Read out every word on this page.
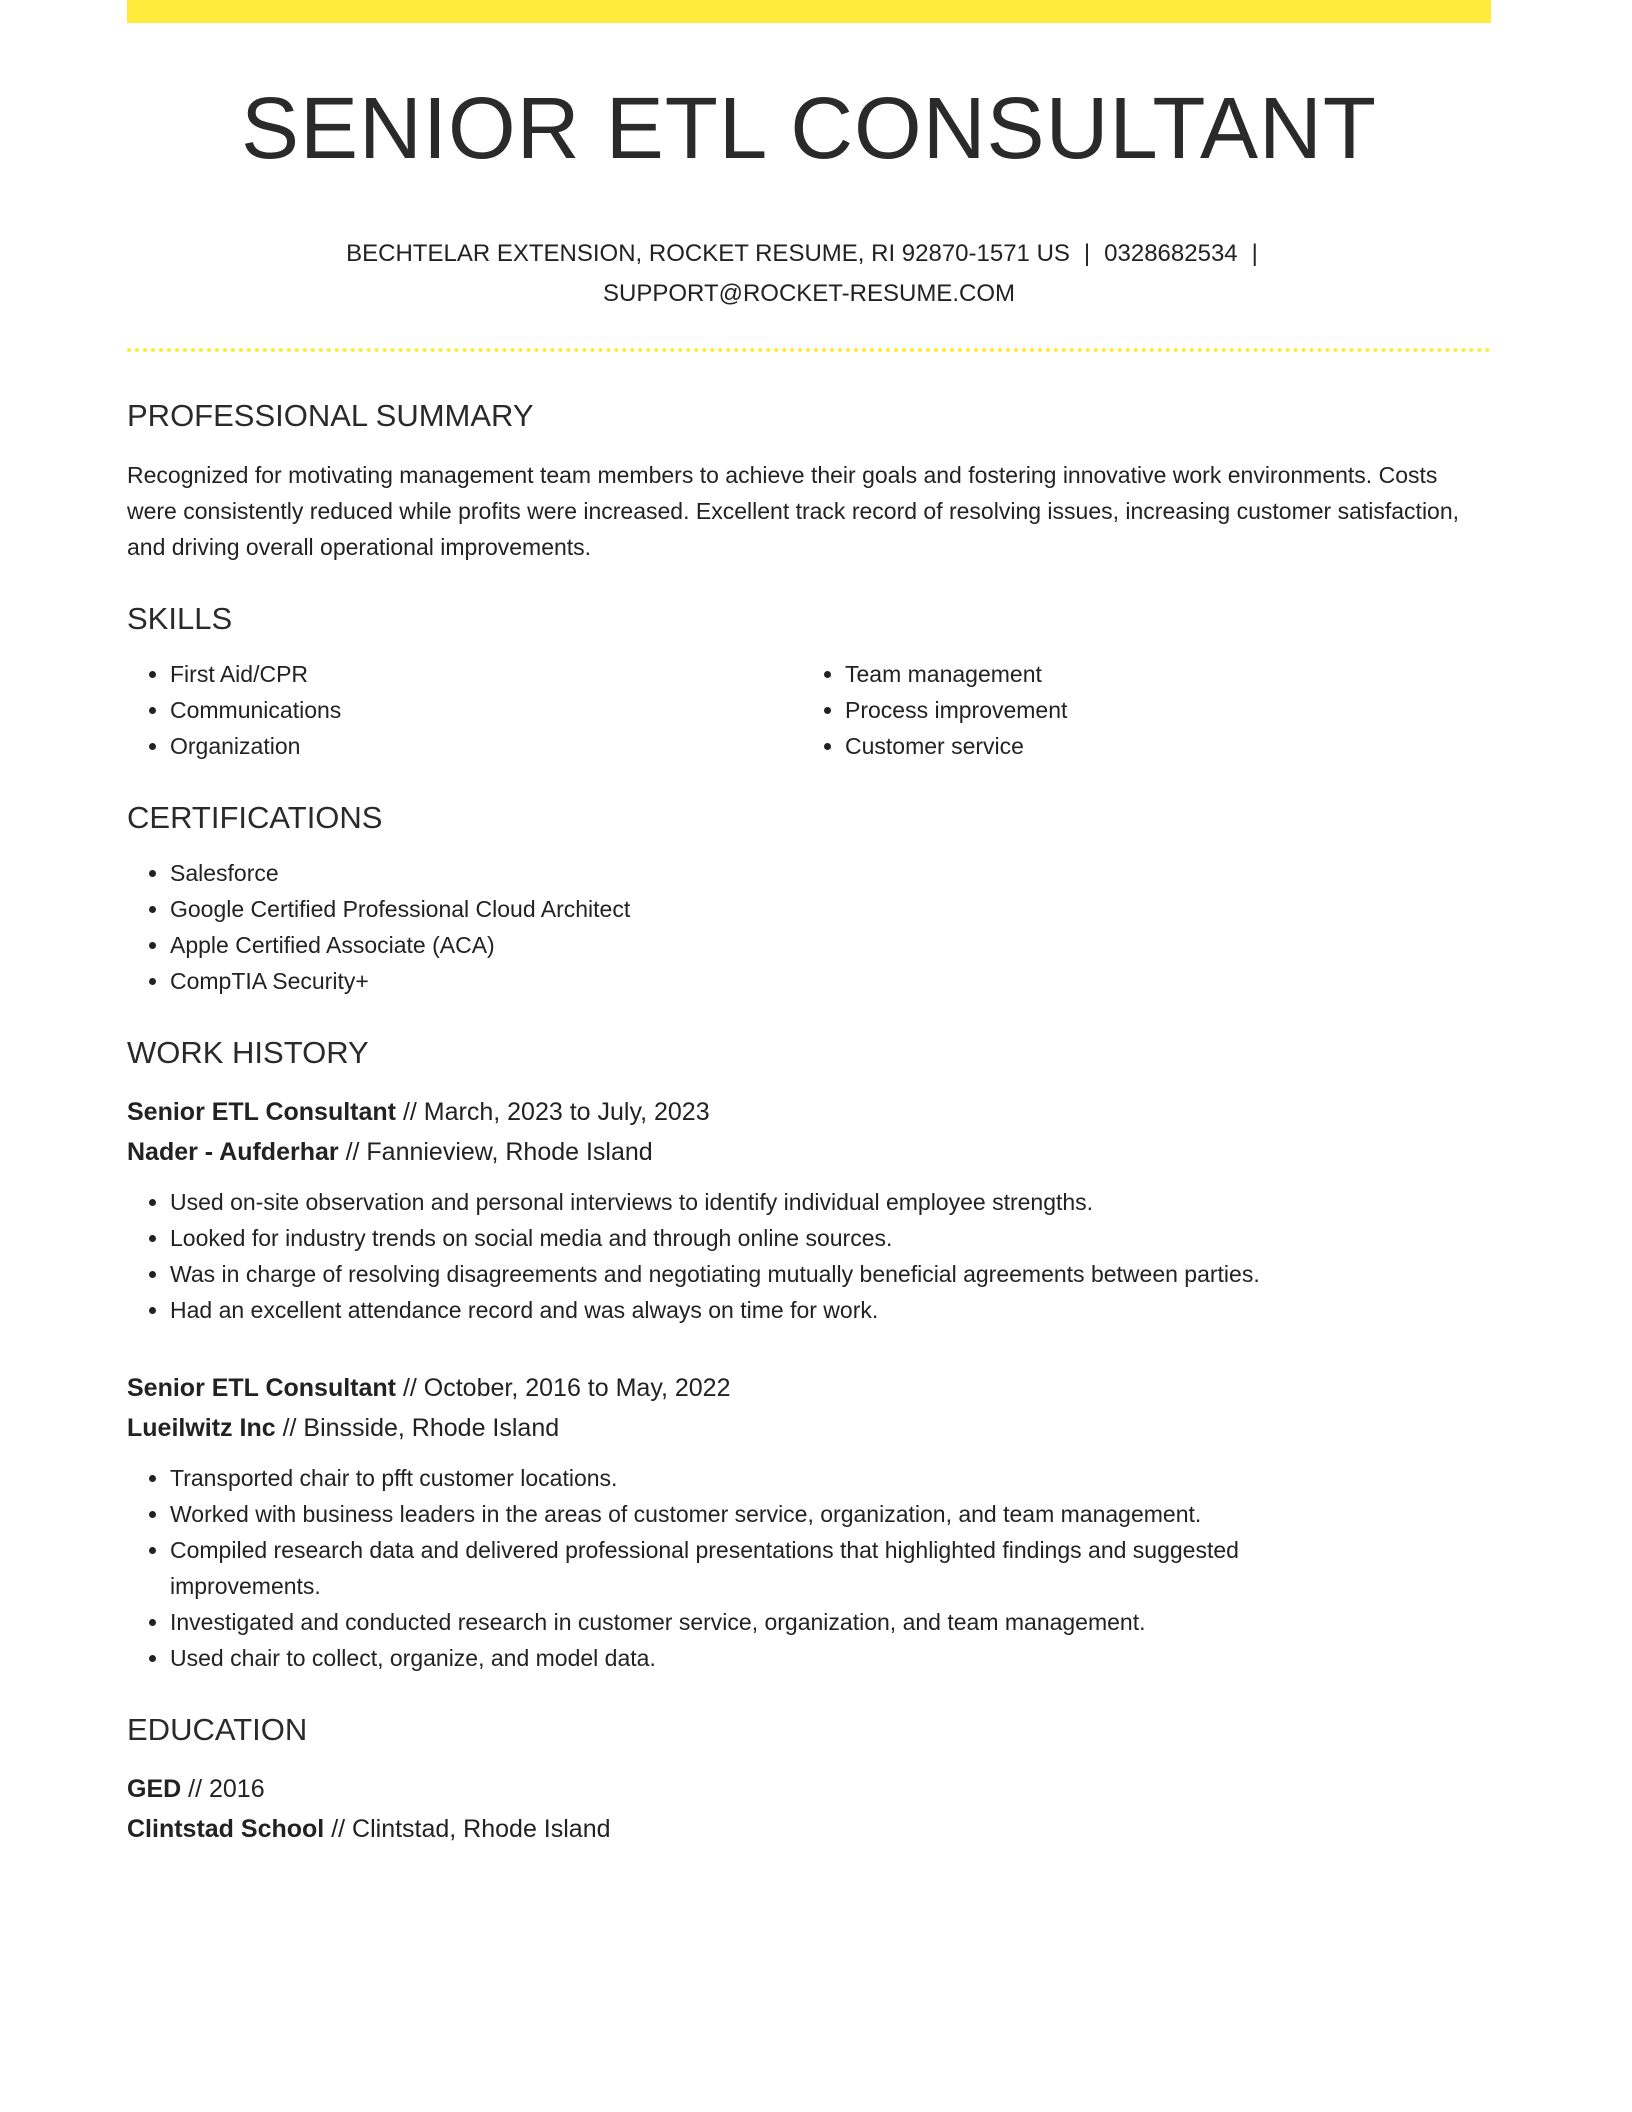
SENIOR ETL CONSULTANT
BECHTELAR EXTENSION, ROCKET RESUME, RI 92870-1571 US | 0328682534 |
SUPPORT@ROCKET-RESUME.COM
PROFESSIONAL SUMMARY

Recognized for motivating management team members to achieve their goals and fostering innovative work environments. Costs were consistently reduced while profits were increased. Excellent track record of resolving issues, increasing customer satisfaction, and driving overall operational improvements.

SKILLS
• First Aid/CPR
• Communications
• Organization
• Team management
• Process improvement
• Customer service
CERTIFICATIONS
• Salesforce
• Google Certified Professional Cloud Architect
• Apple Certified Associate (ACA)
• CompTIA Security+
WORK HISTORY

Senior ETL Consultant // March, 2023 to July, 2023

Nader - Aufderhar // Fannieview, Rhode Island

• Used on-site observation and personal interviews to identify individual employee strengths.
• Looked for industry trends on social media and through online sources.
• Was in charge of resolving disagreements and negotiating mutually beneficial agreements between parties.
• Had an excellent attendance record and was always on time for work.

Senior ETL Consultant // October, 2016 to May, 2022

Lueilwitz Inc // Binsside, Rhode Island

• Transported chair to pfft customer locations.
• Worked with business leaders in the areas of customer service, organization, and team management.
• Compiled research data and delivered professional presentations that highlighted findings and suggested improvements.
• Investigated and conducted research in customer service, organization, and team management.
• Used chair to collect, organize, and model data.
EDUCATION

GED // 2016

Clintstad School // Clintstad, Rhode Island
